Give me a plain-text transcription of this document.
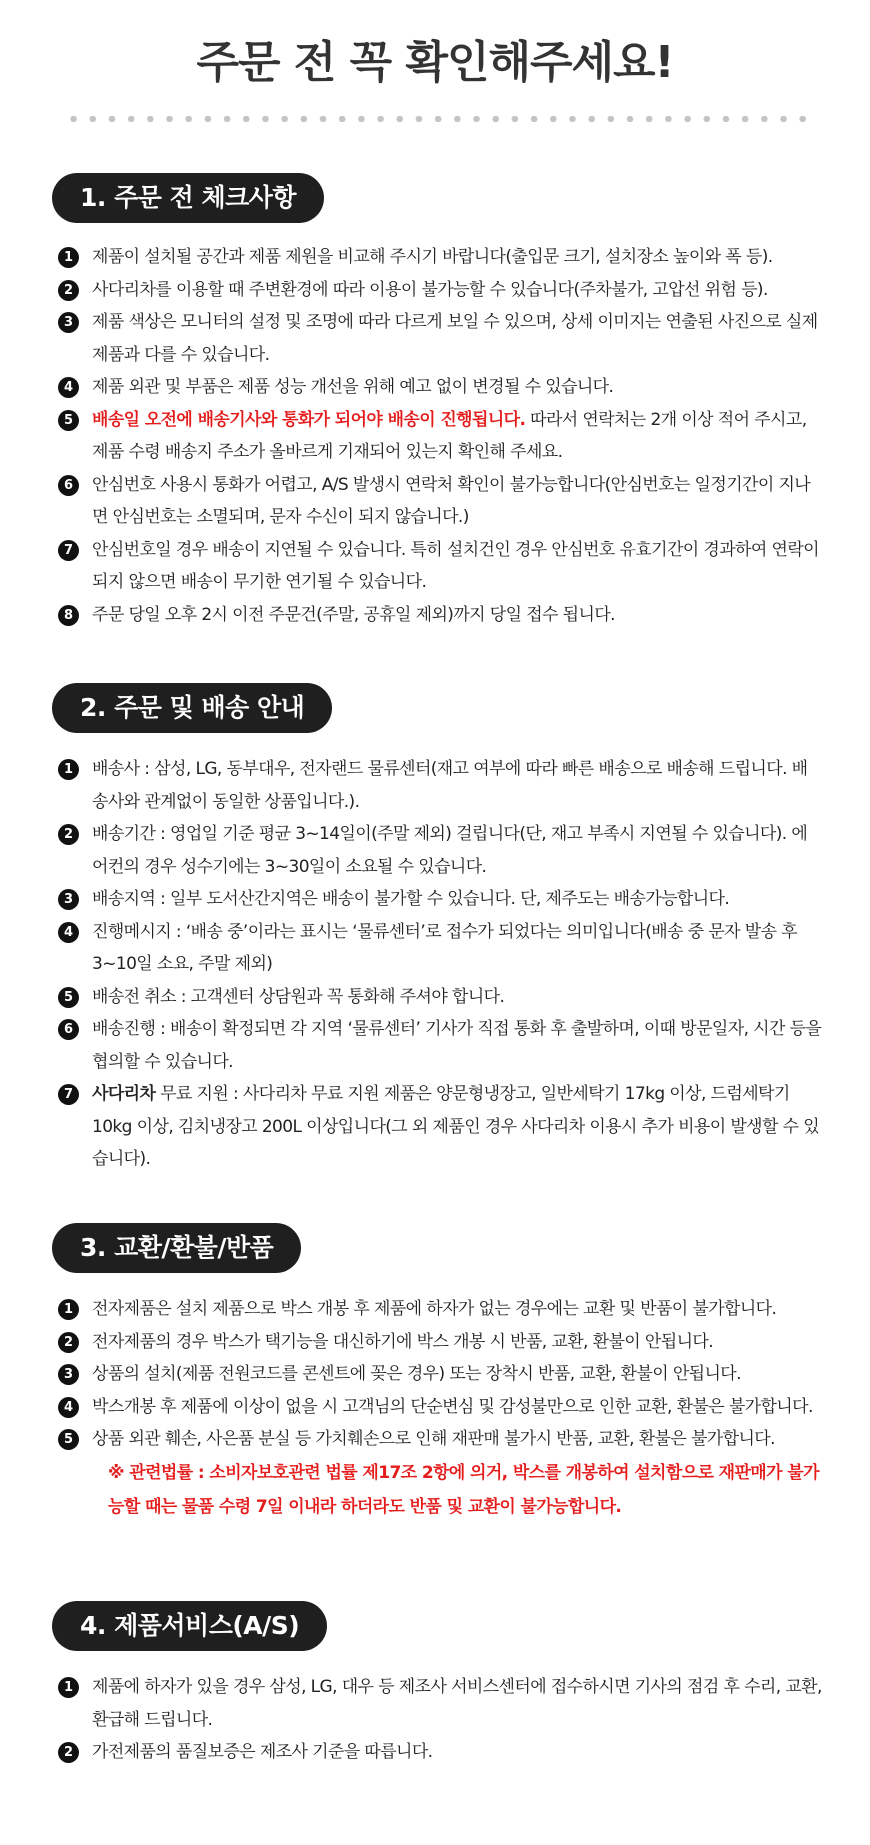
주문 전 꼭 확인해주세요!
1. 주문 전 체크사항
1	제품이 설치될 공간과 제품 제원을 비교해 주시기 바랍니다(출입문 크기, 설치장소 높이와 폭 등).
2	사다리차를 이용할 때 주변환경에 따라 이용이 불가능할 수 있습니다(주차불가, 고압선 위험 등).
3	제품 색상은 모니터의 설정 및 조명에 따라 다르게 보일 수 있으며, 상세 이미지는 연출된 사진으로 실제 제품과 다를 수 있습니다.
4	제품 외관 및 부품은 제품 성능 개선을 위해 예고 없이 변경될 수 있습니다.
5	배송일 오전에 배송기사와 통화가 되어야 배송이 진행됩니다. 따라서 연락처는 2개 이상 적어 주시고, 제품 수령 배송지 주소가 올바르게 기재되어 있는지 확인해 주세요.
6	안심번호 사용시 통화가 어렵고, A/S 발생시 연락처 확인이 불가능합니다(안심번호는 일정기간이 지나면 안심번호는 소멸되며, 문자 수신이 되지 않습니다.)
7	안심번호일 경우 배송이 지연될 수 있습니다. 특히 설치건인 경우 안심번호 유효기간이 경과하여 연락이 되지 않으면 배송이 무기한 연기될 수 있습니다.
8	주문 당일 오후 2시 이전 주문건(주말, 공휴일 제외)까지 당일 접수 됩니다.
2. 주문 및 배송 안내
1	배송사 : 삼성, LG, 동부대우, 전자랜드 물류센터(재고 여부에 따라 빠른 배송으로 배송해 드립니다. 배송사와 관계없이 동일한 상품입니다.).
2	배송기간 : 영업일 기준 평균 3~14일이(주말 제외) 걸립니다(단, 재고 부족시 지연될 수 있습니다). 에어컨의 경우 성수기에는 3~30일이 소요될 수 있습니다.
3	배송지역 : 일부 도서산간지역은 배송이 불가할 수 있습니다. 단, 제주도는 배송가능합니다.
4	진행메시지 : ‘배송 중’이라는 표시는 ‘물류센터’로 접수가 되었다는 의미입니다(배송 중 문자 발송 후 3~10일 소요, 주말 제외)
5	배송전 취소 : 고객센터 상담원과 꼭 통화해 주셔야 합니다.
6	배송진행 : 배송이 확정되면 각 지역 ‘물류센터’ 기사가 직접 통화 후 출발하며, 이때 방문일자, 시간 등을 협의할 수 있습니다.
7	사다리차 무료 지원 : 사다리차 무료 지원 제품은 양문형냉장고, 일반세탁기 17kg 이상, 드럼세탁기 10kg 이상, 김치냉장고 200L 이상입니다(그 외 제품인 경우 사다리차 이용시 추가 비용이 발생할 수 있습니다).
3. 교환/환불/반품
1	전자제품은 설치 제품으로 박스 개봉 후 제품에 하자가 없는 경우에는 교환 및 반품이 불가합니다.
2	전자제품의 경우 박스가 택기능을 대신하기에 박스 개봉 시 반품, 교환, 환불이 안됩니다.
3	상품의 설치(제품 전원코드를 콘센트에 꽂은 경우) 또는 장착시 반품, 교환, 환불이 안됩니다.
4	박스개봉 후 제품에 이상이 없을 시 고객님의 단순변심 및 감성불만으로 인한 교환, 환불은 불가합니다.
5	상품 외관 훼손, 사은품 분실 등 가치훼손으로 인해 재판매 불가시 반품, 교환, 환불은 불가합니다.
※ 관련법률 : 소비자보호관련 법률 제17조 2항에 의거, 박스를 개봉하여 설치함으로 재판매가 불가능할 때는 물품 수령 7일 이내라 하더라도 반품 및 교환이 불가능합니다.
4. 제품서비스(A/S)
1	제품에 하자가 있을 경우 삼성, LG, 대우 등 제조사 서비스센터에 접수하시면 기사의 점검 후 수리, 교환, 환급해 드립니다.
2	가전제품의 품질보증은 제조사 기준을 따릅니다.
